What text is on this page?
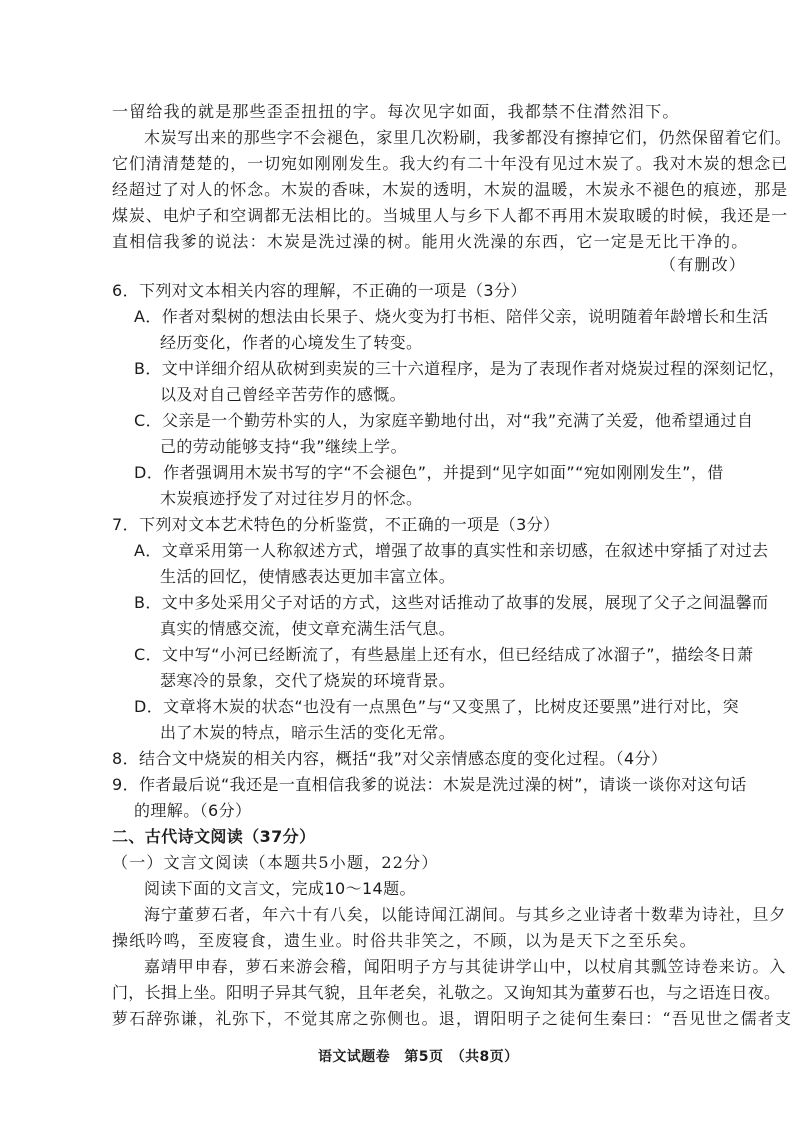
一留给我的就是那些歪歪扭扭的字。每次见字如面，我都禁不住潸然泪下。

木炭写出来的那些字不会褪色，家里几次粉刷，我爹都没有擦掉它们，仍然保留着它们。

它们清清楚楚的，一切宛如刚刚发生。我大约有二十年没有见过木炭了。我对木炭的想念已

经超过了对人的怀念。木炭的香味，木炭的透明，木炭的温暖，木炭永不褪色的痕迹，那是

煤炭、电炉子和空调都无法相比的。当城里人与乡下人都不再用木炭取暖的时候，我还是一

直相信我爹的说法：木炭是洗过澡的树。能用火洗澡的东西，它一定是无比干净的。

（有删改）

6．下列对文本相关内容的理解，不正确的一项是（3分）

A．作者对梨树的想法由长果子、烧火变为打书柜、陪伴父亲，说明随着年龄增长和生活

经历变化，作者的心境发生了转变。

B．文中详细介绍从砍树到卖炭的三十六道程序，是为了表现作者对烧炭过程的深刻记忆，

以及对自己曾经辛苦劳作的感慨。

C．父亲是一个勤劳朴实的人，为家庭辛勤地付出，对“我”充满了关爱，他希望通过自

己的劳动能够支持“我”继续上学。

D．作者强调用木炭书写的字“不会褪色”，并提到“见字如面”“宛如刚刚发生”，借

木炭痕迹抒发了对过往岁月的怀念。

7．下列对文本艺术特色的分析鉴赏，不正确的一项是（3分）

A．文章采用第一人称叙述方式，增强了故事的真实性和亲切感，在叙述中穿插了对过去

生活的回忆，使情感表达更加丰富立体。

B．文中多处采用父子对话的方式，这些对话推动了故事的发展，展现了父子之间温馨而

真实的情感交流，使文章充满生活气息。

C．文中写“小河已经断流了，有些悬崖上还有水，但已经结成了冰溜子”，描绘冬日萧

瑟寒冷的景象，交代了烧炭的环境背景。

D．文章将木炭的状态“也没有一点黑色”与“又变黑了，比树皮还要黑”进行对比，突

出了木炭的特点，暗示生活的变化无常。

8．结合文中烧炭的相关内容，概括“我”对父亲情感态度的变化过程。（4分）

9．作者最后说“我还是一直相信我爹的说法：木炭是洗过澡的树”，请谈一谈你对这句话

的理解。（6分）

二、古代诗文阅读（37分）

（一）文言文阅读（本题共5小题，22分）

阅读下面的文言文，完成10～14题。

海宁董萝石者，年六十有八矣，以能诗闻江湖间。与其乡之业诗者十数辈为诗社，旦夕

操纸吟鸣，至废寝食，遗生业。时俗共非笑之，不顾，以为是天下之至乐矣。

嘉靖甲申春，萝石来游会稽，闻阳明子方与其徒讲学山中，以杖肩其瓢笠诗卷来访。入

门，长揖上坐。阳明子异其气貌，且年老矣，礼敬之。又询知其为董萝石也，与之语连日夜。

萝石辞弥谦，礼弥下，不觉其席之弥侧也。退，谓阳明子之徒何生秦曰：“吾见世之儒者支

语文试题卷　第5页　（共8页）
